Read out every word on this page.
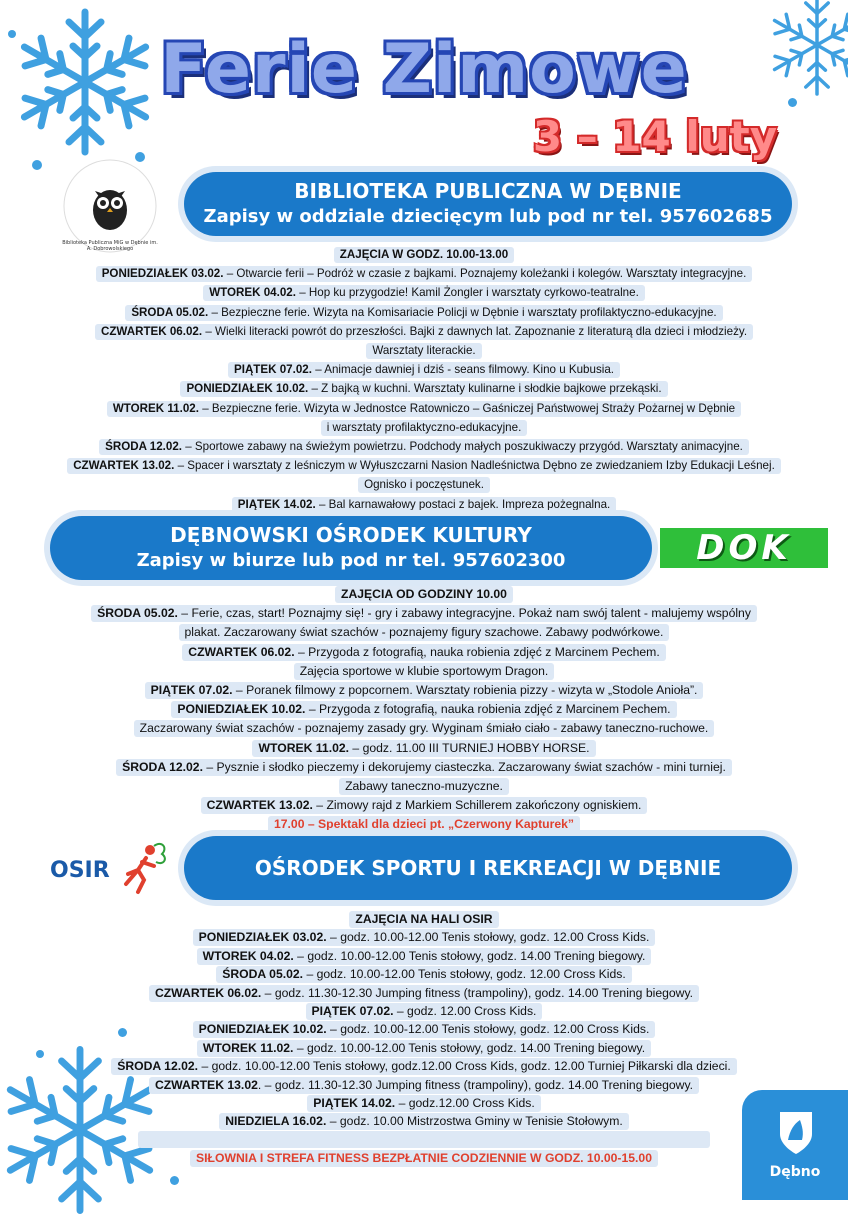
Ferie Zimowe
3 – 14 luty
Biblioteka Publiczna MiG w Dębnie im. A. Dobrowolskiego
BIBLIOTEKA PUBLICZNA W DĘBNIE
Zapisy w oddziale dziecięcym lub pod nr tel. 957602685
ZAJĘCIA W GODZ. 10.00-13.00
PONIEDZIAŁEK 03.02. – Otwarcie ferii – Podróż w czasie z bajkami. Poznajemy koleżanki i kolegów. Warsztaty integracyjne.
WTOREK 04.02. – Hop ku przygodzie! Kamil Żongler i warsztaty cyrkowo-teatralne.
ŚRODA 05.02. – Bezpieczne ferie. Wizyta na Komisariacie Policji w Dębnie i warsztaty profilaktyczno-edukacyjne.
CZWARTEK 06.02. – Wielki literacki powrót do przeszłości. Bajki z dawnych lat. Zapoznanie z literaturą dla dzieci i młodzieży.
Warsztaty literackie.
PIĄTEK 07.02. – Animacje dawniej i dziś - seans filmowy. Kino u Kubusia.
PONIEDZIAŁEK 10.02. – Z bajką w kuchni. Warsztaty kulinarne i słodkie bajkowe przekąski.
WTOREK 11.02. – Bezpieczne ferie. Wizyta w Jednostce Ratowniczo – Gaśniczej Państwowej Straży Pożarnej w Dębnie
i warsztaty profilaktyczno-edukacyjne.
ŚRODA 12.02. – Sportowe zabawy na świeżym powietrzu. Podchody małych poszukiwaczy przygód. Warsztaty animacyjne.
CZWARTEK 13.02. – Spacer i warsztaty z leśniczym w Wyłuszczarni Nasion Nadleśnictwa Dębno ze zwiedzaniem Izby Edukacji Leśnej.
Ognisko i poczęstunek.
PIĄTEK 14.02. – Bal karnawałowy postaci z bajek. Impreza pożegnalna.
DĘBNOWSKI OŚRODEK KULTURY
Zapisy w biurze lub pod nr tel. 957602300	DOK
ZAJĘCIA OD GODZINY 10.00
ŚRODA 05.02. – Ferie, czas, start! Poznajmy się! - gry i zabawy integracyjne. Pokaż nam swój talent - malujemy wspólny
plakat. Zaczarowany świat szachów - poznajemy figury szachowe. Zabawy podwórkowe.
CZWARTEK 06.02. – Przygoda z fotografią, nauka robienia zdjęć z Marcinem Pechem.
Zajęcia sportowe w klubie sportowym Dragon.
PIĄTEK 07.02. – Poranek filmowy z popcornem. Warsztaty robienia pizzy - wizyta w „Stodole Anioła”.
PONIEDZIAŁEK 10.02. – Przygoda z fotografią, nauka robienia zdjęć z Marcinem Pechem.
Zaczarowany świat szachów - poznajemy zasady gry. Wyginam śmiało ciało - zabawy taneczno-ruchowe.
WTOREK 11.02. – godz. 11.00 III TURNIEJ HOBBY HORSE.
ŚRODA 12.02. – Pysznie i słodko pieczemy i dekorujemy ciasteczka. Zaczarowany świat szachów - mini turniej.
Zabawy taneczno-muzyczne.
CZWARTEK 13.02. – Zimowy rajd z Markiem Schillerem zakończony ogniskiem.
17.00 – Spektakl dla dzieci pt. „Czerwony Kapturek”
OSIR	OŚRODEK SPORTU I REKREACJI W DĘBNIE
ZAJĘCIA NA HALI OSIR
PONIEDZIAŁEK 03.02. – godz. 10.00-12.00 Tenis stołowy, godz. 12.00 Cross Kids.
WTOREK 04.02. – godz. 10.00-12.00 Tenis stołowy, godz. 14.00 Trening biegowy.
ŚRODA 05.02. – godz. 10.00-12.00 Tenis stołowy, godz. 12.00 Cross Kids.
CZWARTEK 06.02. – godz. 11.30-12.30 Jumping fitness (trampoliny), godz. 14.00 Trening biegowy.
PIĄTEK 07.02. – godz. 12.00 Cross Kids.
PONIEDZIAŁEK 10.02. – godz. 10.00-12.00 Tenis stołowy, godz. 12.00 Cross Kids.
WTOREK 11.02. – godz. 10.00-12.00 Tenis stołowy, godz. 14.00 Trening biegowy.
ŚRODA 12.02. – godz. 10.00-12.00 Tenis stołowy, godz.12.00 Cross Kids, godz. 12.00 Turniej Piłkarski dla dzieci.
CZWARTEK 13.02. – godz. 11.30-12.30 Jumping fitness (trampoliny), godz. 14.00 Trening biegowy.
PIĄTEK 14.02. – godz.12.00 Cross Kids.
NIEDZIELA 16.02. – godz. 10.00 Mistrzostwa Gminy w Tenisie Stołowym.
SIŁOWNIA I STREFA FITNESS BEZPŁATNIE CODZIENNIE W GODZ. 10.00-15.00
Dębno
